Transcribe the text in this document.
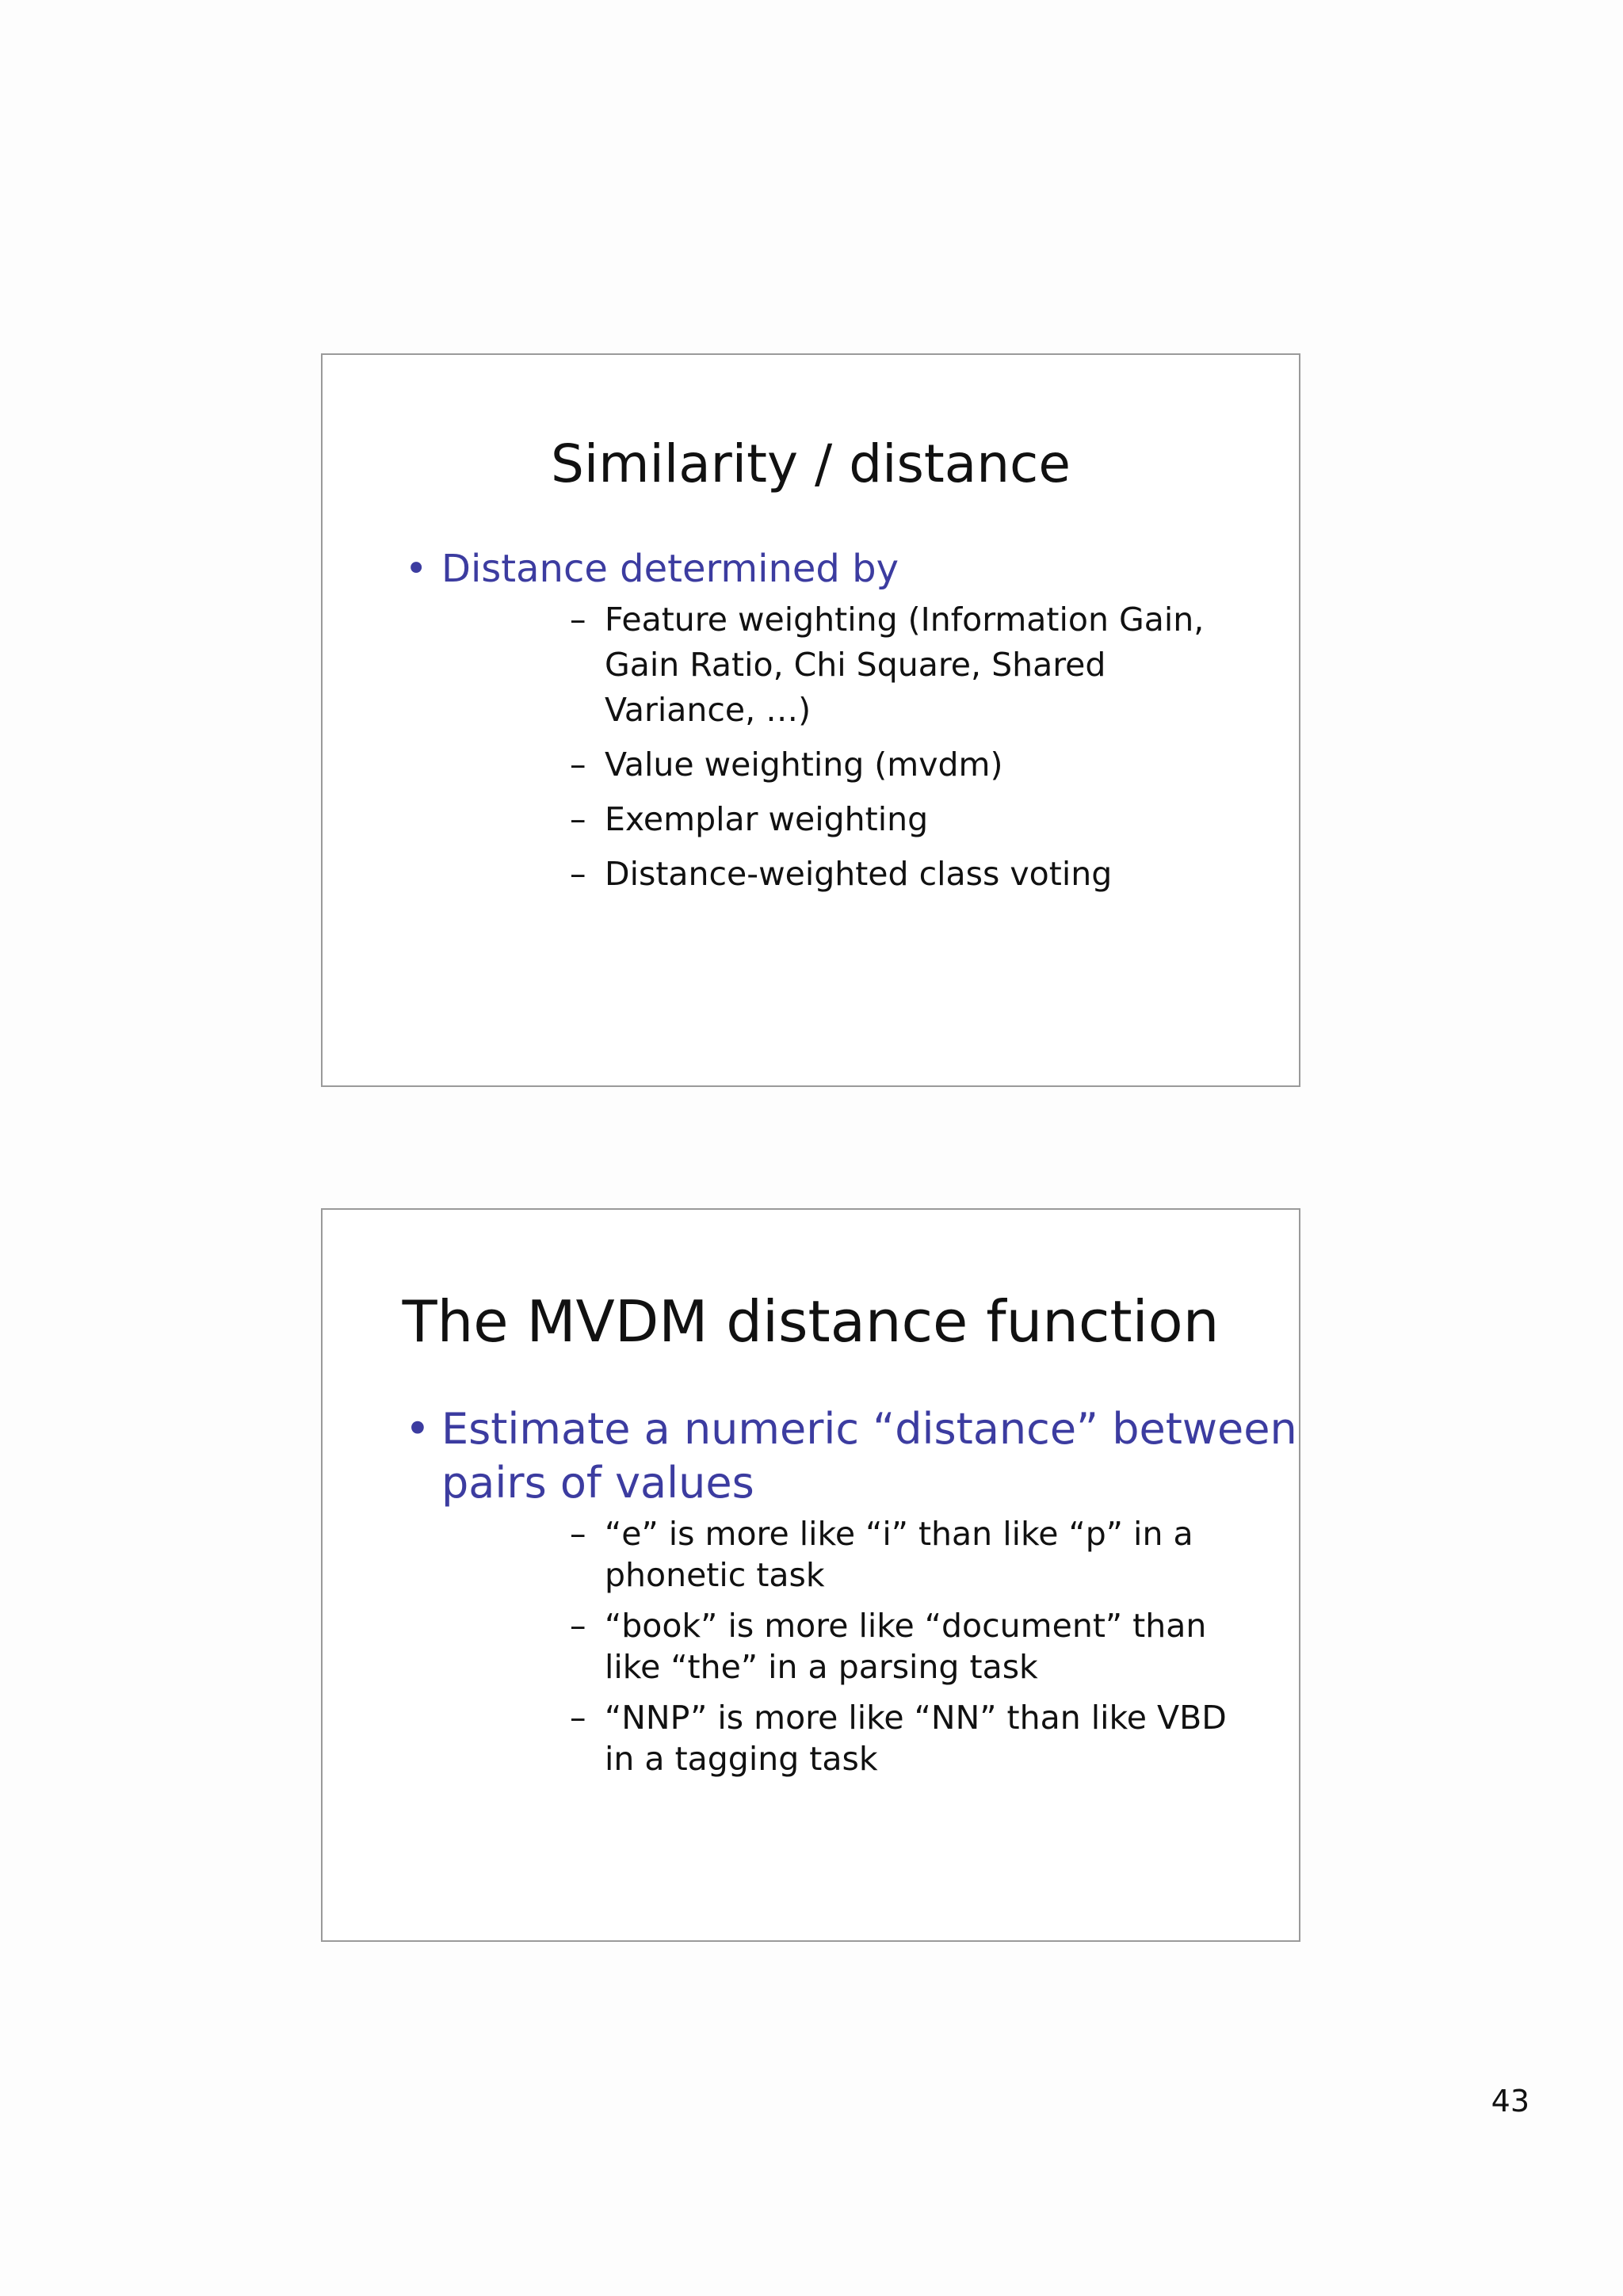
Similarity / distance
• Distance determined by
– Feature weighting (Information Gain, Gain Ratio, Chi Square, Shared Variance, …)
– Value weighting (mvdm)
– Exemplar weighting
– Distance-weighted class voting
The MVDM distance function
• Estimate a numeric “distance” between pairs of values
– “e” is more like “i” than like “p” in a phonetic task
– “book” is more like “document” than like “the” in a parsing task
– “NNP” is more like “NN” than like VBD in a tagging task
43
